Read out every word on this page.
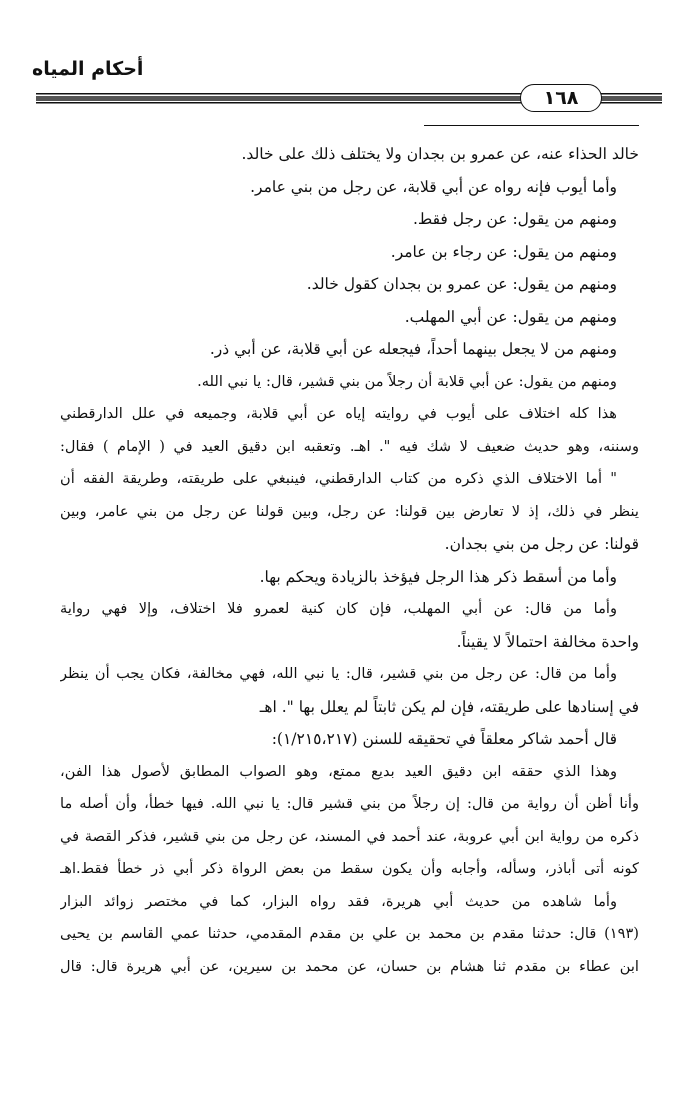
أحكام المياه
١٦٨
خالد الحذاء عنه، عن عمرو بن بجدان ولا يختلف ذلك على خالد.
وأما أيوب فإنه رواه عن أبي قلابة، عن رجل من بني عامر.
ومنهم من يقول: عن رجل فقط.
ومنهم من يقول: عن رجاء بن عامر.
ومنهم من يقول: عن عمرو بن بجدان كقول خالد.
ومنهم من يقول: عن أبي المهلب.
ومنهم من لا يجعل بينهما أحداً، فيجعله عن أبي قلابة، عن أبي ذر.
ومنهم من يقول: عن أبي قلابة أن رجلاً من بني قشير، قال: يا نبي الله.
هذا كله اختلاف على أيوب في روايته إياه عن أبي قلابة، وجميعه في علل الدارقطني
وسننه، وهو حديث ضعيف لا شك فيه ". اهـ. وتعقبه ابن دقيق العيد في ( الإمام ) فقال:
" أما الاختلاف الذي ذكره من كتاب الدارقطني، فينبغي على طريقته، وطريقة الفقه أن
ينظر في ذلك، إذ لا تعارض بين قولنا: عن رجل، وبين قولنا عن رجل من بني عامر، وبين
قولنا: عن رجل من بني بجدان.
وأما من أسقط ذكر هذا الرجل فيؤخذ بالزيادة ويحكم بها.
وأما من قال: عن أبي المهلب، فإن كان كنية لعمرو فلا اختلاف، وإلا فهي رواية
واحدة مخالفة احتمالاً لا يقيناً.
وأما من قال: عن رجل من بني قشير، قال: يا نبي الله، فهي مخالفة، فكان يجب أن ينظر
في إسنادها على طريقته، فإن لم يكن ثابتاً لم يعلل بها ". اهـ
قال أحمد شاكر معلقاً في تحقيقه للسنن (١/٢١٥،٢١٧):
وهذا الذي حققه ابن دقيق العيد بديع ممتع، وهو الصواب المطابق لأصول هذا الفن،
وأنا أظن أن رواية من قال: إن رجلاً من بني قشير قال: يا نبي الله. فيها خطأ، وأن أصله ما
ذكره من رواية ابن أبي عروبة، عند أحمد في المسند، عن رجل من بني قشير، فذكر القصة في
كونه أتى أباذر، وسأله، وأجابه وأن يكون سقط من بعض الرواة ذكر أبي ذر خطأ فقط.اهـ
وأما شاهده من حديث أبي هريرة، فقد رواه البزار، كما في مختصر زوائد البزار
(١٩٣) قال: حدثنا مقدم بن محمد بن علي بن مقدم المقدمي، حدثنا عمي القاسم بن يحيى
ابن عطاء بن مقدم ثنا هشام بن حسان، عن محمد بن سيرين، عن أبي هريرة قال: قال
